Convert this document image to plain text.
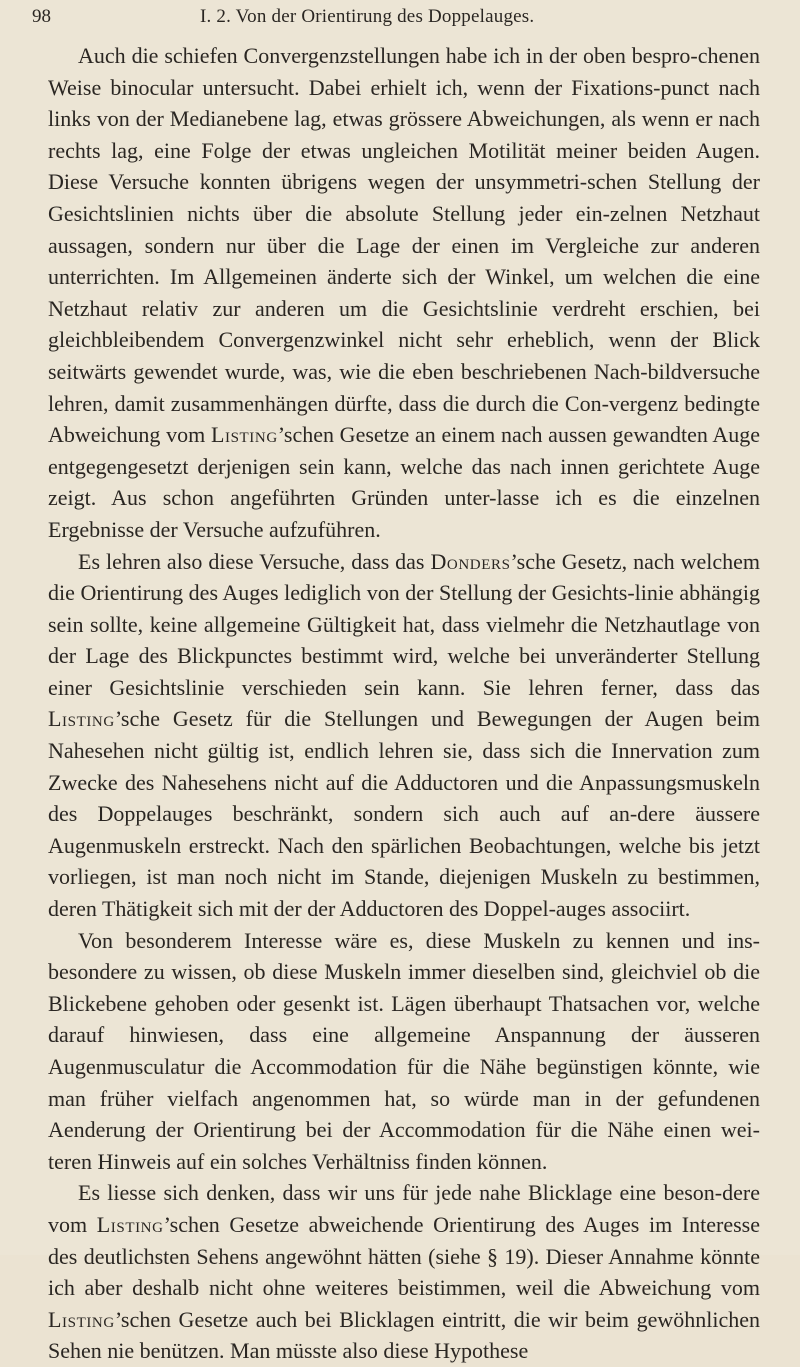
98	I. 2. Von der Orientirung des Doppelauges.

Auch die schiefen Convergenzstellungen habe ich in der oben bespro-chenen Weise binocular untersucht. Dabei erhielt ich, wenn der Fixations-punct nach links von der Medianebene lag, etwas grössere Abweichungen, als wenn er nach rechts lag, eine Folge der etwas ungleichen Motilität meiner beiden Augen. Diese Versuche konnten übrigens wegen der unsymmetri-schen Stellung der Gesichtslinien nichts über die absolute Stellung jeder ein-zelnen Netzhaut aussagen, sondern nur über die Lage der einen im Vergleiche zur anderen unterrichten. Im Allgemeinen änderte sich der Winkel, um welchen die eine Netzhaut relativ zur anderen um die Gesichtslinie verdreht erschien, bei gleichbleibendem Convergenzwinkel nicht sehr erheblich, wenn der Blick seitwärts gewendet wurde, was, wie die eben beschriebenen Nach-bildversuche lehren, damit zusammenhängen dürfte, dass die durch die Con-vergenz bedingte Abweichung vom Listing’schen Gesetze an einem nach aussen gewandten Auge entgegengesetzt derjenigen sein kann, welche das nach innen gerichtete Auge zeigt. Aus schon angeführten Gründen unter-lasse ich es die einzelnen Ergebnisse der Versuche aufzuführen.

Es lehren also diese Versuche, dass das Donders’sche Gesetz, nach welchem die Orientirung des Auges lediglich von der Stellung der Gesichts-linie abhängig sein sollte, keine allgemeine Gültigkeit hat, dass vielmehr die Netzhautlage von der Lage des Blickpunctes bestimmt wird, welche bei unveränderter Stellung einer Gesichtslinie verschieden sein kann. Sie lehren ferner, dass das Listing’sche Gesetz für die Stellungen und Bewegungen der Augen beim Nahesehen nicht gültig ist, endlich lehren sie, dass sich die Innervation zum Zwecke des Nahesehens nicht auf die Adductoren und die Anpassungsmuskeln des Doppelauges beschränkt, sondern sich auch auf an-dere äussere Augenmuskeln erstreckt. Nach den spärlichen Beobachtungen, welche bis jetzt vorliegen, ist man noch nicht im Stande, diejenigen Muskeln zu bestimmen, deren Thätigkeit sich mit der der Adductoren des Doppel-auges associirt.

Von besonderem Interesse wäre es, diese Muskeln zu kennen und ins-besondere zu wissen, ob diese Muskeln immer dieselben sind, gleichviel ob die Blickebene gehoben oder gesenkt ist. Lägen überhaupt Thatsachen vor, welche darauf hinwiesen, dass eine allgemeine Anspannung der äusseren Augenmusculatur die Accommodation für die Nähe begünstigen könnte, wie man früher vielfach angenommen hat, so würde man in der gefundenen Aenderung der Orientirung bei der Accommodation für die Nähe einen wei-teren Hinweis auf ein solches Verhältniss finden können.

Es liesse sich denken, dass wir uns für jede nahe Blicklage eine beson-dere vom Listing’schen Gesetze abweichende Orientirung des Auges im Interesse des deutlichsten Sehens angewöhnt hätten (siehe § 19). Dieser Annahme könnte ich aber deshalb nicht ohne weiteres beistimmen, weil die Abweichung vom Listing’schen Gesetze auch bei Blicklagen eintritt, die wir beim gewöhnlichen Sehen nie benützen. Man müsste also diese Hypothese
